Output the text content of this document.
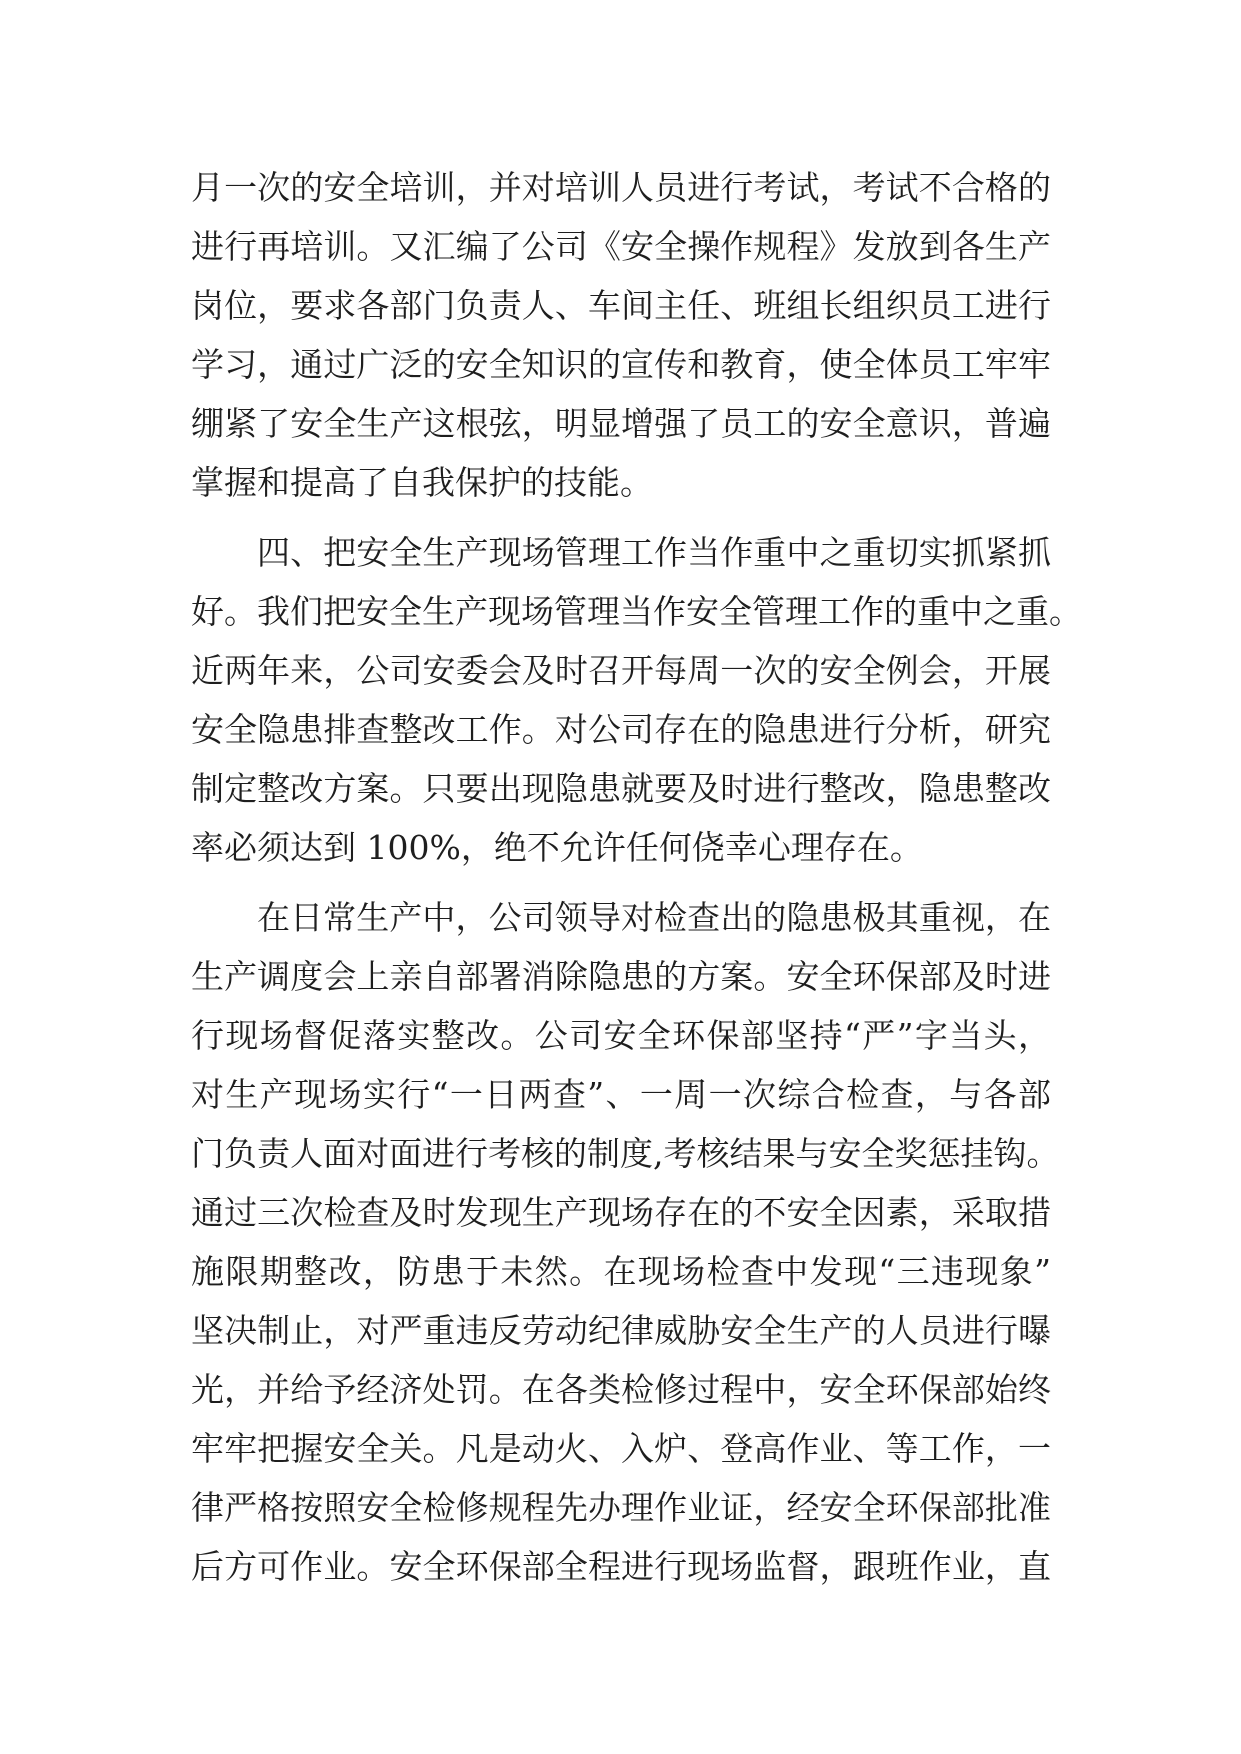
月一次的安全培训，并对培训人员进行考试，考试不合格的
进行再培训。又汇编了公司《安全操作规程》发放到各生产
岗位，要求各部门负责人、车间主任、班组长组织员工进行
学习，通过广泛的安全知识的宣传和教育，使全体员工牢牢
绷紧了安全生产这根弦，明显增强了员工的安全意识，普遍
掌握和提高了自我保护的技能。
四、把安全生产现场管理工作当作重中之重切实抓紧抓
好。我们把安全生产现场管理当作安全管理工作的重中之重。
近两年来，公司安委会及时召开每周一次的安全例会，开展
安全隐患排查整改工作。对公司存在的隐患进行分析，研究
制定整改方案。只要出现隐患就要及时进行整改，隐患整改
率必须达到 100%，绝不允许任何侥幸心理存在。
在日常生产中，公司领导对检查出的隐患极其重视，在
生产调度会上亲自部署消除隐患的方案。安全环保部及时进
行现场督促落实整改。公司安全环保部坚持“严”字当头，
对生产现场实行“一日两查”、一周一次综合检查，与各部
门负责人面对面进行考核的制度,考核结果与安全奖惩挂钩。
通过三次检查及时发现生产现场存在的不安全因素，采取措
施限期整改，防患于未然。在现场检查中发现“三违现象”
坚决制止，对严重违反劳动纪律威胁安全生产的人员进行曝
光，并给予经济处罚。在各类检修过程中，安全环保部始终
牢牢把握安全关。凡是动火、入炉、登高作业、等工作，一
律严格按照安全检修规程先办理作业证，经安全环保部批准
后方可作业。安全环保部全程进行现场监督，跟班作业，直
